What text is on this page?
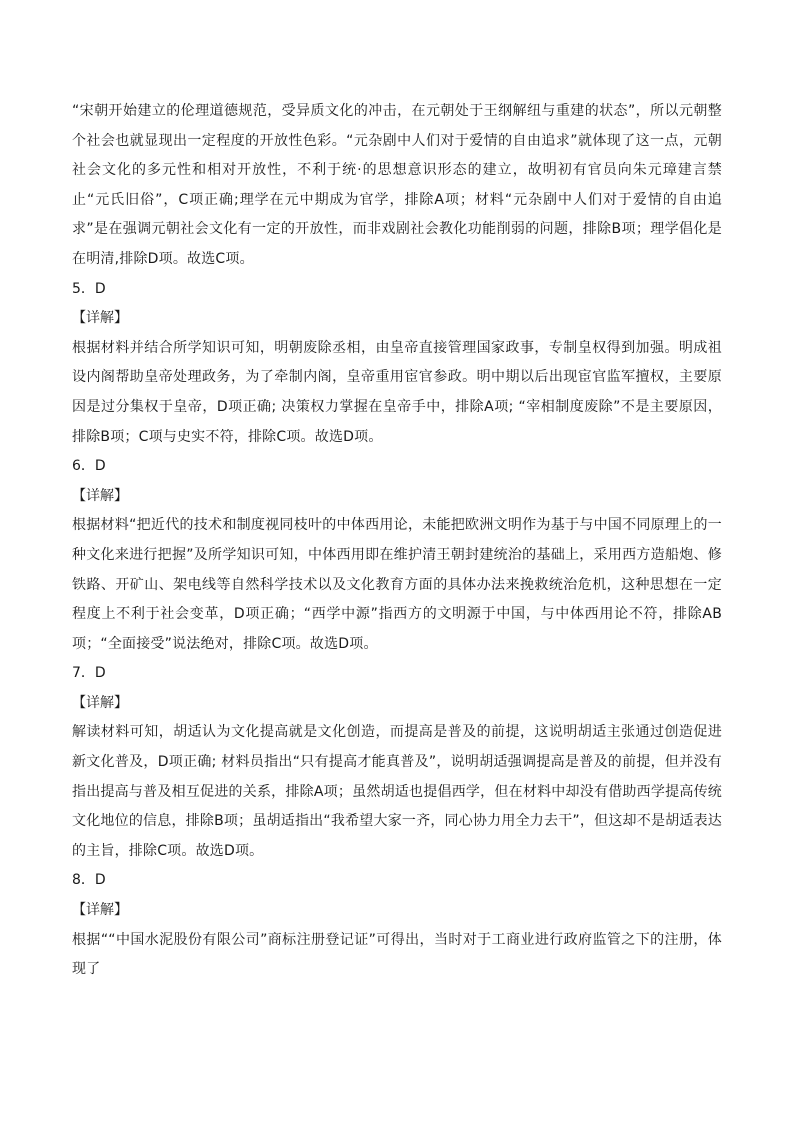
“宋朝开始建立的伦理道德规范，受异质文化的冲击，在元朝处于王纲解纽与重建的状态”，所以元朝整个社会也就显现出一定程度的开放性色彩。“元杂剧中人们对于爱情的自由追求”就体现了这一点，元朝社会文化的多元性和相对开放性，不利于统·的思想意识形态的建立，故明初有官员向朱元璋建言禁止“元氏旧俗”，C项正确;理学在元中期成为官学，排除A项；材料“元杂剧中人们对于爱情的自由追求”是在强调元朝社会文化有一定的开放性，而非戏剧社会教化功能削弱的问题，排除B项；理学倡化是在明清,排除D项。故选C项。

5．D

【详解】

根据材料并结合所学知识可知，明朝废除丞相，由皇帝直接管理国家政事，专制皇权得到加强。明成祖设内阁帮助皇帝处理政务，为了牵制内阁，皇帝重用宦官参政。明中期以后出现宦官监军擅权，主要原因是过分集权于皇帝，D项正确; 决策权力掌握在皇帝手中，排除A项; “宰相制度废除”不是主要原因，排除B项；C项与史实不符，排除C项。故选D项。

6．D

【详解】

根据材料“把近代的技术和制度视同枝叶的中体西用论，未能把欧洲文明作为基于与中国不同原理上的一种文化来进行把握”及所学知识可知，中体西用即在维护清王朝封建统治的基础上，采用西方造船炮、修铁路、开矿山、架电线等自然科学技术以及文化教育方面的具体办法来挽救统治危机，这种思想在一定程度上不利于社会变革，D项正确；“西学中源”指西方的文明源于中国，与中体西用论不符，排除AB项；“全面接受”说法绝对，排除C项。故选D项。

7．D

【详解】

解读材料可知，胡适认为文化提高就是文化创造，而提高是普及的前提，这说明胡适主张通过创造促进新文化普及，D项正确; 材料员指出“只有提高才能真普及”，说明胡适强调提高是普及的前提，但并没有指出提高与普及相互促进的关系，排除A项；虽然胡适也提倡西学，但在材料中却没有借助西学提高传统文化地位的信息，排除B项；虽胡适指出“我希望大家一齐，同心协力用全力去干”，但这却不是胡适表达的主旨，排除C项。故选D项。

8．D

【详解】

根据““中国水泥股份有限公司”商标注册登记证”可得出，当时对于工商业进行政府监管之下的注册，体现了
